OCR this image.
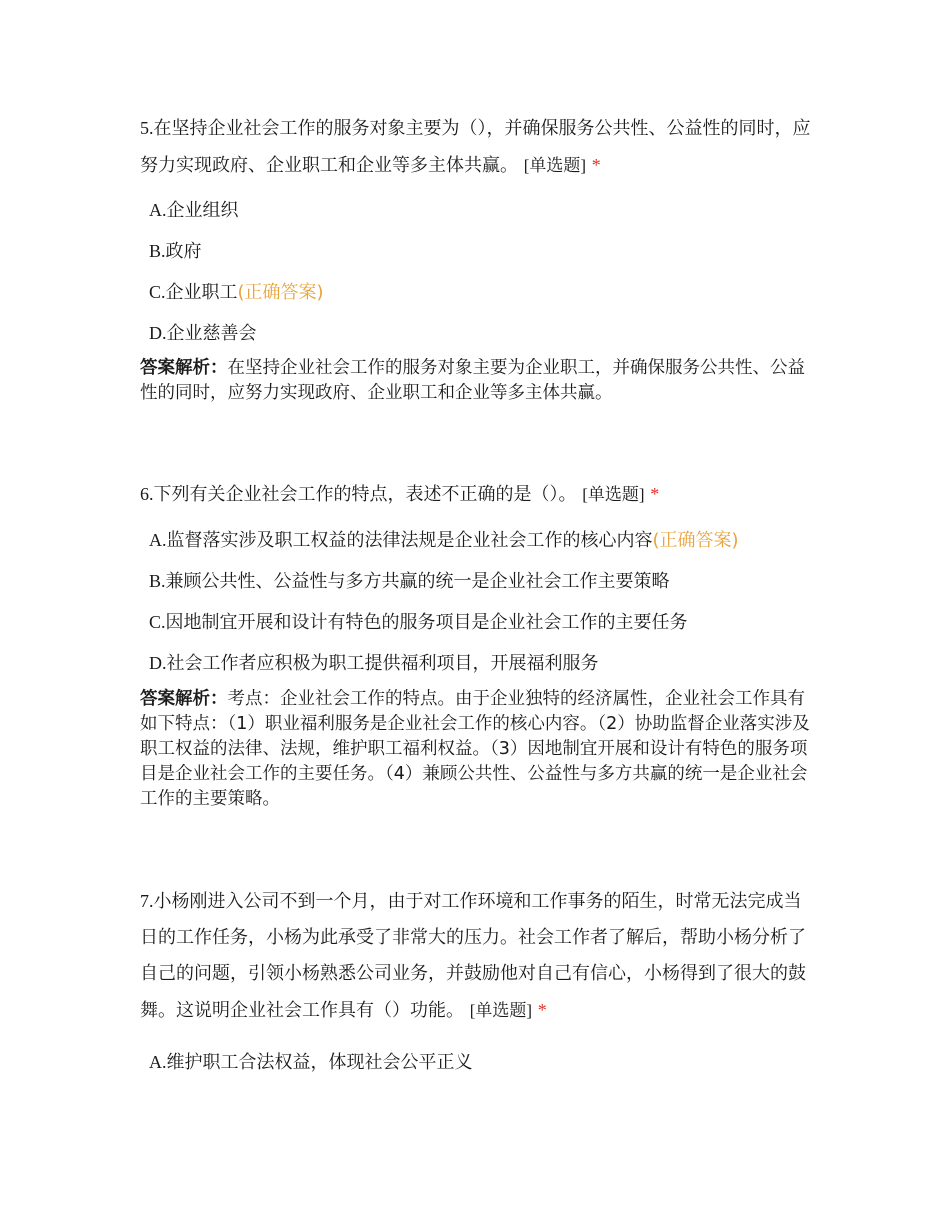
5.在坚持企业社会工作的服务对象主要为（），并确保服务公共性、公益性的同时，应努力实现政府、企业职工和企业等多主体共赢。 [单选题] *

A.企业组织

B.政府

C.企业职工(正确答案)

D.企业慈善会

答案解析：在坚持企业社会工作的服务对象主要为企业职工，并确保服务公共性、公益性的同时，应努力实现政府、企业职工和企业等多主体共赢。

6.下列有关企业社会工作的特点，表述不正确的是（）。 [单选题] *

A.监督落实涉及职工权益的法律法规是企业社会工作的核心内容(正确答案)

B.兼顾公共性、公益性与多方共赢的统一是企业社会工作主要策略

C.因地制宜开展和设计有特色的服务项目是企业社会工作的主要任务

D.社会工作者应积极为职工提供福利项目，开展福利服务

答案解析：考点：企业社会工作的特点。由于企业独特的经济属性，企业社会工作具有如下特点：（1）职业福利服务是企业社会工作的核心内容。（2）协助监督企业落实涉及职工权益的法律、法规，维护职工福利权益。（3）因地制宜开展和设计有特色的服务项目是企业社会工作的主要任务。（4）兼顾公共性、公益性与多方共赢的统一是企业社会工作的主要策略。

7.小杨刚进入公司不到一个月，由于对工作环境和工作事务的陌生，时常无法完成当日的工作任务，小杨为此承受了非常大的压力。社会工作者了解后，帮助小杨分析了自己的问题，引领小杨熟悉公司业务，并鼓励他对自己有信心，小杨得到了很大的鼓舞。这说明企业社会工作具有（）功能。 [单选题] *

A.维护职工合法权益，体现社会公平正义
